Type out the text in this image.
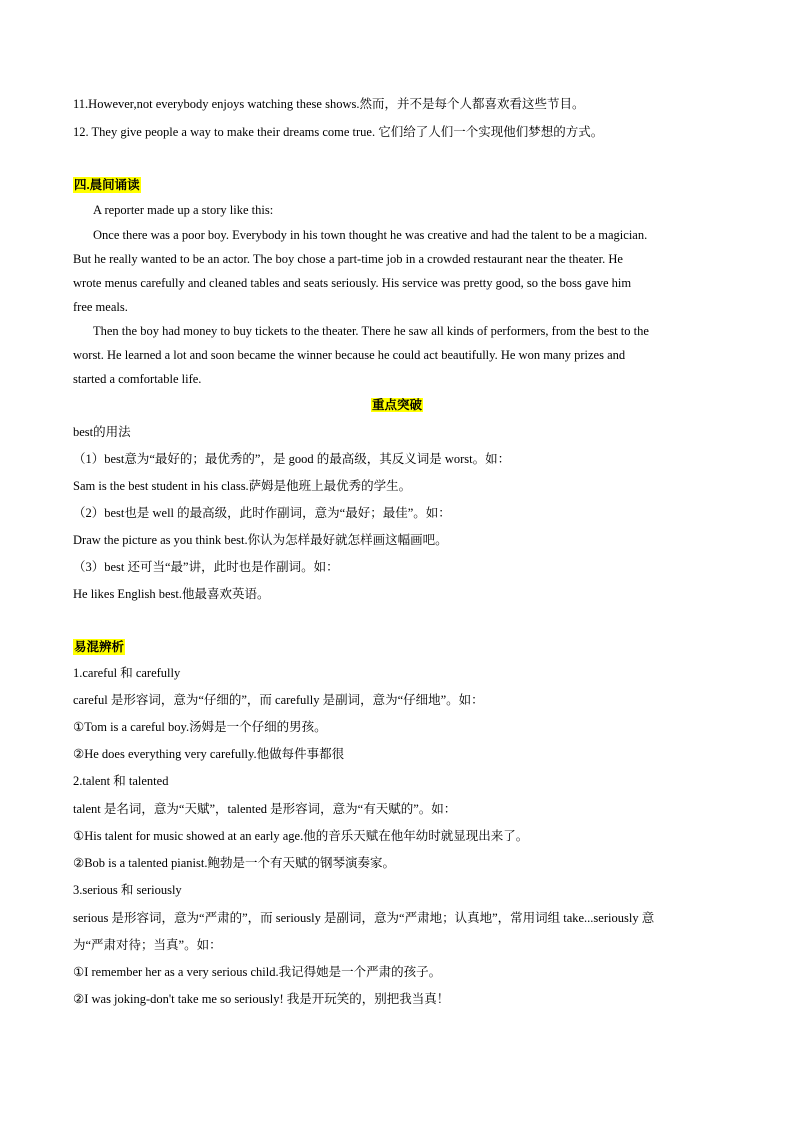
11.However,not everybody enjoys watching these shows.然而，并不是每个人都喜欢看这些节目。
12. They give people a way to make their dreams come true. 它们给了人们一个实现他们梦想的方式。
四.晨间诵读
A reporter made up a story like this:
Once there was a poor boy. Everybody in his town thought he was creative and had the talent to be a magician.
But he really wanted to be an actor. The boy chose a part-time job in a crowded restaurant near the theater. He
wrote menus carefully and cleaned tables and seats seriously. His service was pretty good, so the boss gave him
free meals.
Then the boy had money to buy tickets to the theater. There he saw all kinds of performers, from the best to the
worst. He learned a lot and soon became the winner because he could act beautifully. He won many prizes and
started a comfortable life.
重点突破
best的用法
（1）best意为“最好的；最优秀的”，是 good 的最高级，其反义词是 worst。如：
Sam is the best student in his class.萨姆是他班上最优秀的学生。
（2）best也是 well 的最高级，此时作副词，意为“最好；最佳”。如：
Draw the picture as you think best.你认为怎样最好就怎样画这幅画吧。
（3）best 还可当“最”讲，此时也是作副词。如：
He likes English best.他最喜欢英语。
易混辨析
1.careful 和 carefully
careful 是形容词，意为“仔细的”，而 carefully 是副词，意为“仔细地”。如：
①Tom is a careful boy.汤姆是一个仔细的男孩。
②He does everything very carefully.他做每件事都很
2.talent 和 talented
talent 是名词，意为“天赋”，talented 是形容词，意为“有天赋的”。如：
①His talent for music showed at an early age.他的音乐天赋在他年幼时就显现出来了。
②Bob is a talented pianist.鲍勃是一个有天赋的钢琴演奏家。
3.serious 和 seriously
serious 是形容词，意为“严肃的”，而 seriously 是副词，意为“严肃地；认真地”，常用词组 take...seriously 意
为“严肃对待；当真”。如：
①I remember her as a very serious child.我记得她是一个严肃的孩子。
②I was joking-don't take me so seriously! 我是开玩笑的，别把我当真！
